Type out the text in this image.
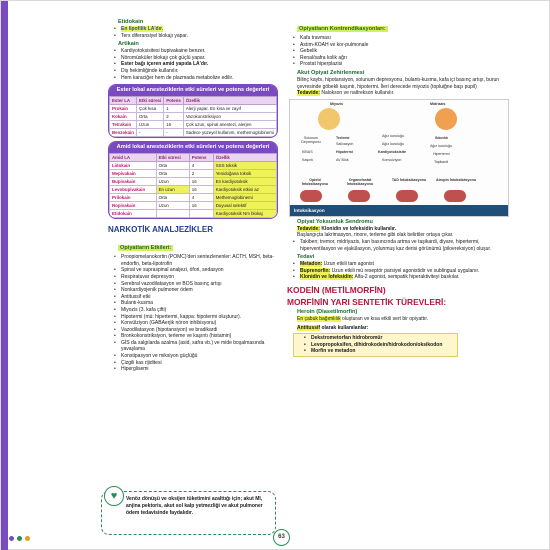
Etidokain
• En lipofilik LA'dır.
• Ters diferansiyel blokajı yapar.
Artikain
• Kardiyotoksisitesi bupivakaine benzer.
• Nöromüsküler blokajı çok güçlü yapar.
• Ester bağı içeren amid yapıda LA'dır.
• Diş hekimliğinde kullanılır.
• Hem karaciğer hem de plazmada metabolize edilir.
Ester lokal anesteziklerin etki süreleri ve potens değerleri
Ester LA	Etki süresi	Potens	Özellik
Prokain	Çok kısa	1	Alerji yapar. En kısa ve zayıf
Kokain	Orta	2	Vazokonstriksiyon
Tetrakain	Uzun	16	Çok uzun, spinal anestezi, alerjen
Benzokain	-	-	Sadece yüzeyel kullanım, methemoglobinemi
Amid lokal anesteziklerin etki süreleri ve potens değerleri
Amid LA	Etki süresi	Potens	Özellik
Lidokain	Orta	4	SSS toksik
Mepivakain	Orta	2	Yenidoğana toksik
Bupivakain	Uzun	16	En kardiyotoksik
Levobupivakain	En uzun	16	Kardiyotoksik etkisi az
Prilokain	Orta	4	Methemoglobinemi
Ropivakain	Uzun	16	Duyusal selektif
Etidokain			Kardiyotoksik Nm blokaj
NARKOTİK ANALJEZİKLER
Opiyatların Etkileri:
• Proopiomelanokortin (POMC)'den sentezlenenler: ACTH, MSH, beta-endorfin, beta-lipotrofin
• Spinal ve supraspinal analjezi, öfori, sedasyon
• Respiratuvar depresyon
• Serebral vazodilatasyon ve BOS basınç artışı
• Nonkardiyojenik pulmoner ödem
• Antitussif etki
• Bulantı-kusma
• Miyozis (3. kafa çifti)
• Hipotermi (mü: hipertermi, kappa: hipotermi oluşturur).
• Konvülziyon (GABAerjik nöron inhibisyonu)
• Vazodilatasyon (hipotansiyon) ve bradikardi
• Bronkokonstriksiyon, terleme ve kaşıntı (histamin)
• GİS da salgılarda azalma (asid, safra vb.) ve mide boşalmasında yavaşlama
• Konstipasyon ve miksiyon güçlüğü
• Çizgili kas rijiditesi
• Hiperglisemi
♥	Venöz dönüşü ve oksijen tüketimini azalttığı için; akut MI, anjina pektoris, akut sol kalp yetmezliği ve akut pulmoner ödem tedavisinde faydalıdır.
Opiyatların Kontrendikasyonları:
• Kafa travması
• Astım-KOAH ve kor-pulmonale
• Gebelik
• Renal/safra kolik ağrı
• Prostat hiperplazisi
Akut Opiyat Zehirlenmesi
Bilinç kaybı, hipotansiyon, solunum depresyonu, bulantı-kusma, kafa içi basınç artışı, burun çevresinde göbekli kaşıntı, hipotermi. İleri derecede miyozis (topluiğne başı pupil)
Tedavide: Nalokson ve naltrekson kullanılır.
Miyozis	Midriazis
Solunum Depresyonu
Terleme
Salivasyon
KİBAS	Hipotermi
AV Blok
Kaşıntı
Ağız kuruluğu
Ağız kuruluğu
Kardiyotoksisite
Konvulziyon
Sıkıntılı
Ağız kuruluğu
Hipertermi
Taşikardi
Opioid İntoksikasyonu
Organofosfat İntoksikasyonu
TAD İntoksikasyonu	Atropin İntoksikasyonu
İntoksikasyon
Opiyat Yoksunluk Sendromu
Tedavide: Klonidin ve lofeksidin kullanılır.
Başlangıçta lakrimasyon, rinore, terleme gibi olak belirtiler ortaya çıkar.
• Takiben; tremor, midriyazis, kan basıncında artma ve taşikardi, diyare, hipertermi, hiperventilasyon ve ejakülasyon, yolunmuş kaz derisi görünümü (piloereksiyon) oluşur.
Tedavi
• Metadon: Uzun etkili tam agonist
• Buprenorfin: Uzun etkili mü reseptör parsiyel agonistidir ve sublingual uygulanır.
• Klonidin ve lofeksidin: Alfa-2 agonist, sempatik hiperaktiviteyi baskılar.
KODEİN (METİLMORFİN)
MORFİNİN YARI SENTETİK TÜREVLERİ:
Heroin (Diasetilmorfin)
En çabuk bağımlılık oluşturan ve kısa etkili sert bir opiyattır.
Antitussif olarak kullanılanlar:
• Dekstrometorfan hidrobromür
• Levopropoksifen, dihidrokodein/hidrokodon/oksikodon
• Morfin ve metadon
63
